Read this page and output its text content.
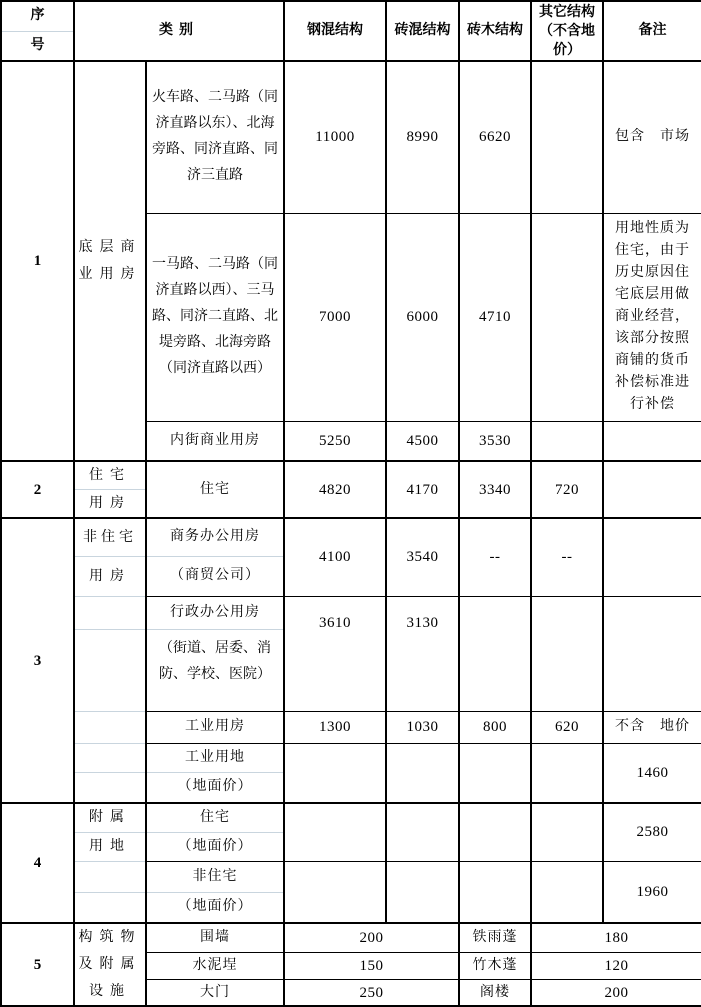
序	类别		钢混结构	砖混结构	砖木结构	其它结构（不含地价）	备注
号							
1	底层商业用房	火车路、二马路（同济直路以东）、北海旁路、同济直路、同济三直路	11000	8990	6620		包含　市场
		一马路、二马路（同济直路以西）、三马路、同济二直路、北堤旁路、北海旁路（同济直路以西）	7000	6000	4710		用地性质为住宅，由于历史原因住宅底层用做商业经营，该部分按照商铺的货币补偿标准进行补偿
		内街商业用房	5250	4500	3530		
2	住宅	住宅	4820	4170	3340	720	
	用房						
3	非住宅	商务办公用房	4100	3540	--	--	
	用房	（商贸公司）					
		行政办公用房	3610	3130			
		（街道、居委、消防、学校、医院）					
		工业用房	1300	1030	800	620	不含　地价
		工业用地					1460
		（地面价）					
4	附属	住宅					2580
	用地	（地面价）					
		非住宅					1960
		（地面价）					
5	构筑物及附属设施	围墙	200		铁雨蓬	180	
		水泥埕	150		竹木蓬	120	
		大门	250		阁楼	200	
